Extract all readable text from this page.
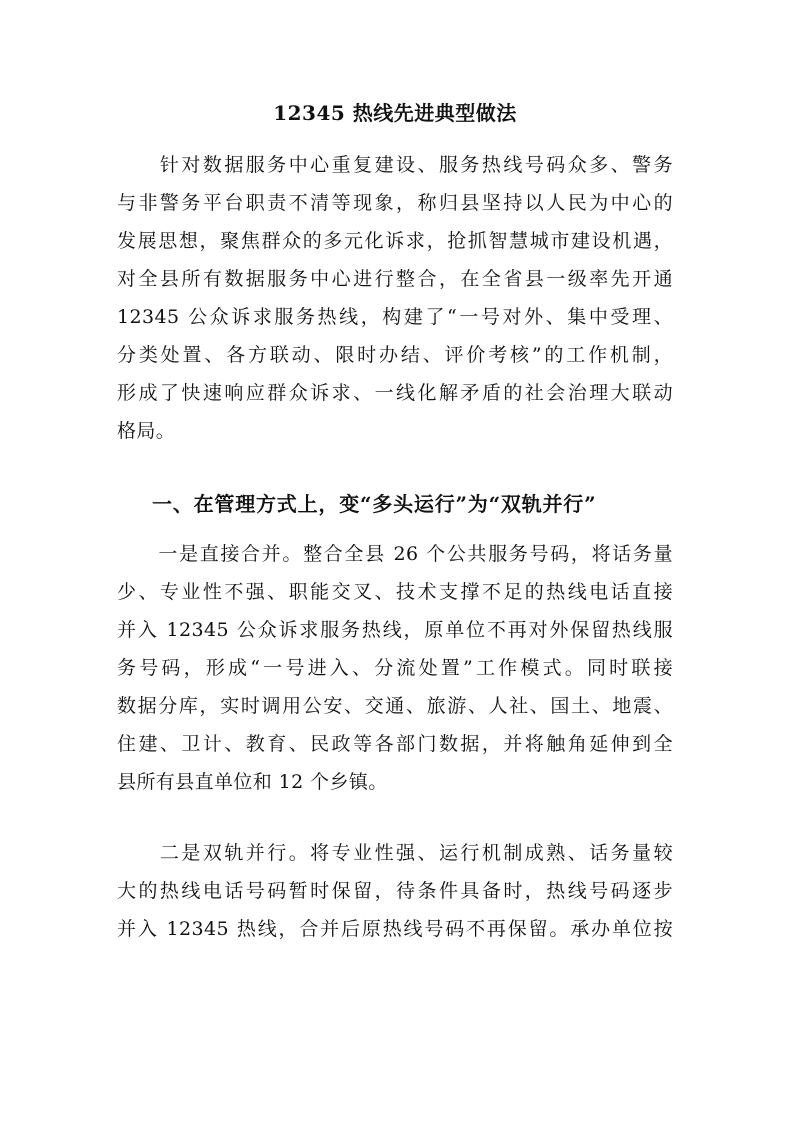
12345 热线先进典型做法
　　针对数据服务中心重复建设、服务热线号码众多、警务
与非警务平台职责不清等现象，称归县坚持以人民为中心的
发展思想，聚焦群众的多元化诉求，抢抓智慧城市建设机遇，
对全县所有数据服务中心进行整合，在全省县一级率先开通
12345 公众诉求服务热线，构建了“一号对外、集中受理、
分类处置、各方联动、限时办结、评价考核”的工作机制，
形成了快速响应群众诉求、一线化解矛盾的社会治理大联动
格局。
一、在管理方式上，变“多头运行”为“双轨并行”
　　一是直接合并。整合全县 26 个公共服务号码，将话务量
少、专业性不强、职能交叉、技术支撑不足的热线电话直接
并入 12345 公众诉求服务热线，原单位不再对外保留热线服
务号码，形成“一号进入、分流处置”工作模式。同时联接
数据分库，实时调用公安、交通、旅游、人社、国土、地震、
住建、卫计、教育、民政等各部门数据，并将触角延伸到全
县所有县直单位和 12 个乡镇。
　　二是双轨并行。将专业性强、运行机制成熟、话务量较
大的热线电话号码暂时保留，待条件具备时，热线号码逐步
并入 12345 热线，合并后原热线号码不再保留。承办单位按
